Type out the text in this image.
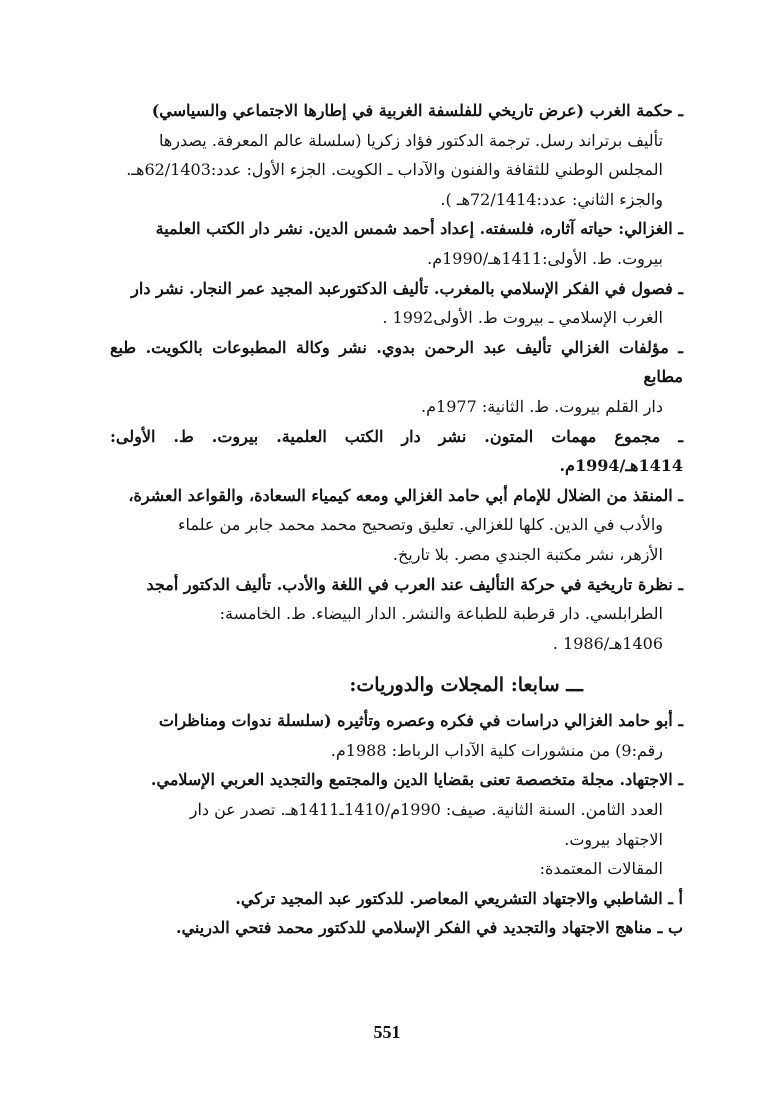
ـ حكمة الغرب (عرض تاريخي للفلسفة الغربية في إطارها الاجتماعي والسياسي)
تأليف برتراند رسل. ترجمة الدكتور فؤاد زكريا (سلسلة عالم المعرفة. يصدرها
المجلس الوطني للثقافة والفنون والآداب ـ الكويت. الجزء الأول: عدد:62/1403هـ.
والجزء الثاني: عدد:72/1414هـ ).
ـ الغزالي: حياته آثاره، فلسفته. إعداد أحمد شمس الدين. نشر دار الكتب العلمية
بيروت. ط. الأولى:1411هـ/1990م.
ـ فصول في الفكر الإسلامي بالمغرب. تأليف الدكتورعبد المجيد عمر النجار. نشر دار
الغرب الإسلامي ـ بيروت ط. الأولى1992 .
ـ مؤلفات الغزالي تأليف عبد الرحمن بدوي. نشر وكالة المطبوعات بالكويت. طبع مطابع
دار القلم بيروت. ط. الثانية: 1977م.
ـ مجموع مهمات المتون. نشر دار الكتب العلمية. بيروت. ط. الأولى: 1414هـ/1994م.
ـ المنقذ من الضلال للإمام أبي حامد الغزالي ومعه كيمياء السعادة، والقواعد العشرة،
والأدب في الدين. كلها للغزالي. تعليق وتصحيح محمد محمد جابر من علماء
الأزهر، نشر مكتبة الجندي مصر. بلا تاريخ.
ـ نظرة تاريخية في حركة التأليف عند العرب في اللغة والأدب. تأليف الدكتور أمجد
الطرابلسي. دار قرطبة للطباعة والنشر. الدار البيضاء. ط. الخامسة:
1406هـ/1986 .
ـــ سابعا: المجلات والدوريات:
ـ أبو حامد الغزالي دراسات في فكره وعصره وتأثيره (سلسلة ندوات ومناظرات
رقم:9) من منشورات كلية الآداب الرباط: 1988م.
ـ الاجتهاد. مجلة متخصصة تعنى بقضايا الدين والمجتمع والتجديد العربي الإسلامي.
العدد الثامن. السنة الثانية. صيف: 1990م/1410ـ1411هـ. تصدر عن دار
الاجتهاد بيروت.
المقالات المعتمدة:
أ ـ الشاطبي والاجتهاد التشريعي المعاصر. للدكتور عبد المجيد تركي.
ب ـ مناهج الاجتهاد والتجديد في الفكر الإسلامي للدكتور محمد فتحي الدريني.
551
